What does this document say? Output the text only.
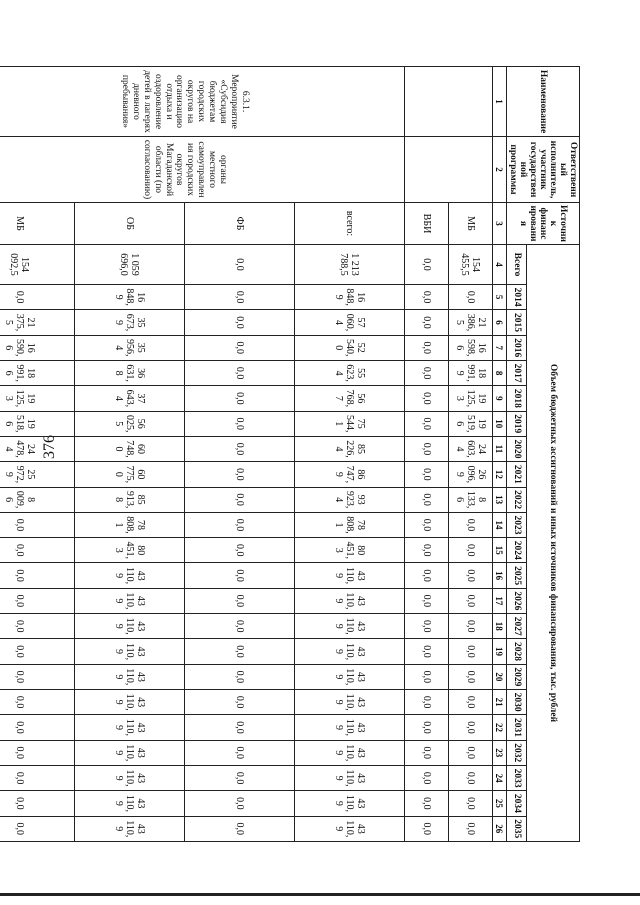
376
Наименование	Ответственный исполнитель, участник государственной программы	Источник финансирования	Объем бюджетных ассигнований и иных источников финансирования, тыс. рублей																						
			Всего	2014	2015	2016	2017	2018	2019	2020	2021	2022	2023	2024	2025	2026	2027	2028	2029	2030	2031	2032	2033	2034	2035
1	2	3	4	5	6	7	8	9	10	11	12	13	14	15	16	17	18	19	20	21	22	23	24	25	26
		МБ	154 455,5	0,0	21 386,5	16 598,6	18 991,9	19 125,3	19 519,6	24 603,4	26 096,9	8 133,6	0,0	0,0	0,0	0,0	0,0	0,0	0,0	0,0	0,0	0,0	0,0	0,0	0,0
		ВБИ	0,0	0,0	0,0	0,0	0,0	0,0	0,0	0,0	0,0	0,0	0,0	0,0	0,0	0,0	0,0	0,0	0,0	0,0	0,0	0,0	0,0	0,0	0,0
6.3.1. Мероприятие «Субсидия бюджетам городских округов на организацию отдыха и оздоровление детей в лагерях дневного пребывания»	органы местного самоуправления городских округов Магаданской области (по согласованию)	всего:	1 213 788,5	16 848,9	57 060,4	52 540,0	55 623,4	56 768,7	75 544,1	85 226,4	86 747,9	93 923,4	78 808,1	80 451,3	43 110,9	43 110,9	43 110,9	43 110,9	43 110,9	43 110,9	43 110,9	43 110,9	43 110,9	43 110,9	43 110,9
		ФБ	0,0	0,0	0,0	0,0	0,0	0,0	0,0	0,0	0,0	0,0	0,0	0,0	0,0	0,0	0,0	0,0	0,0	0,0	0,0	0,0	0,0	0,0	0,0
		ОБ	1 059 696,0	16 848,9	35 673,9	35 956,4	36 631,8	37 643,4	56 025,5	60 748,0	60 775,0	85 913,8	78 808,1	80 451,3	43 110,9	43 110,9	43 110,9	43 110,9	43 110,9	43 110,9	43 110,9	43 110,9	43 110,9	43 110,9	43 110,9
		МБ	154 092,5	0,0	21 375,5	16 590,6	18 991,6	19 125,3	19 518,6	24 478,4	25 972,9	8 009,6	0,0	0,0	0,0	0,0	0,0	0,0	0,0	0,0	0,0	0,0	0,0	0,0	0,0
